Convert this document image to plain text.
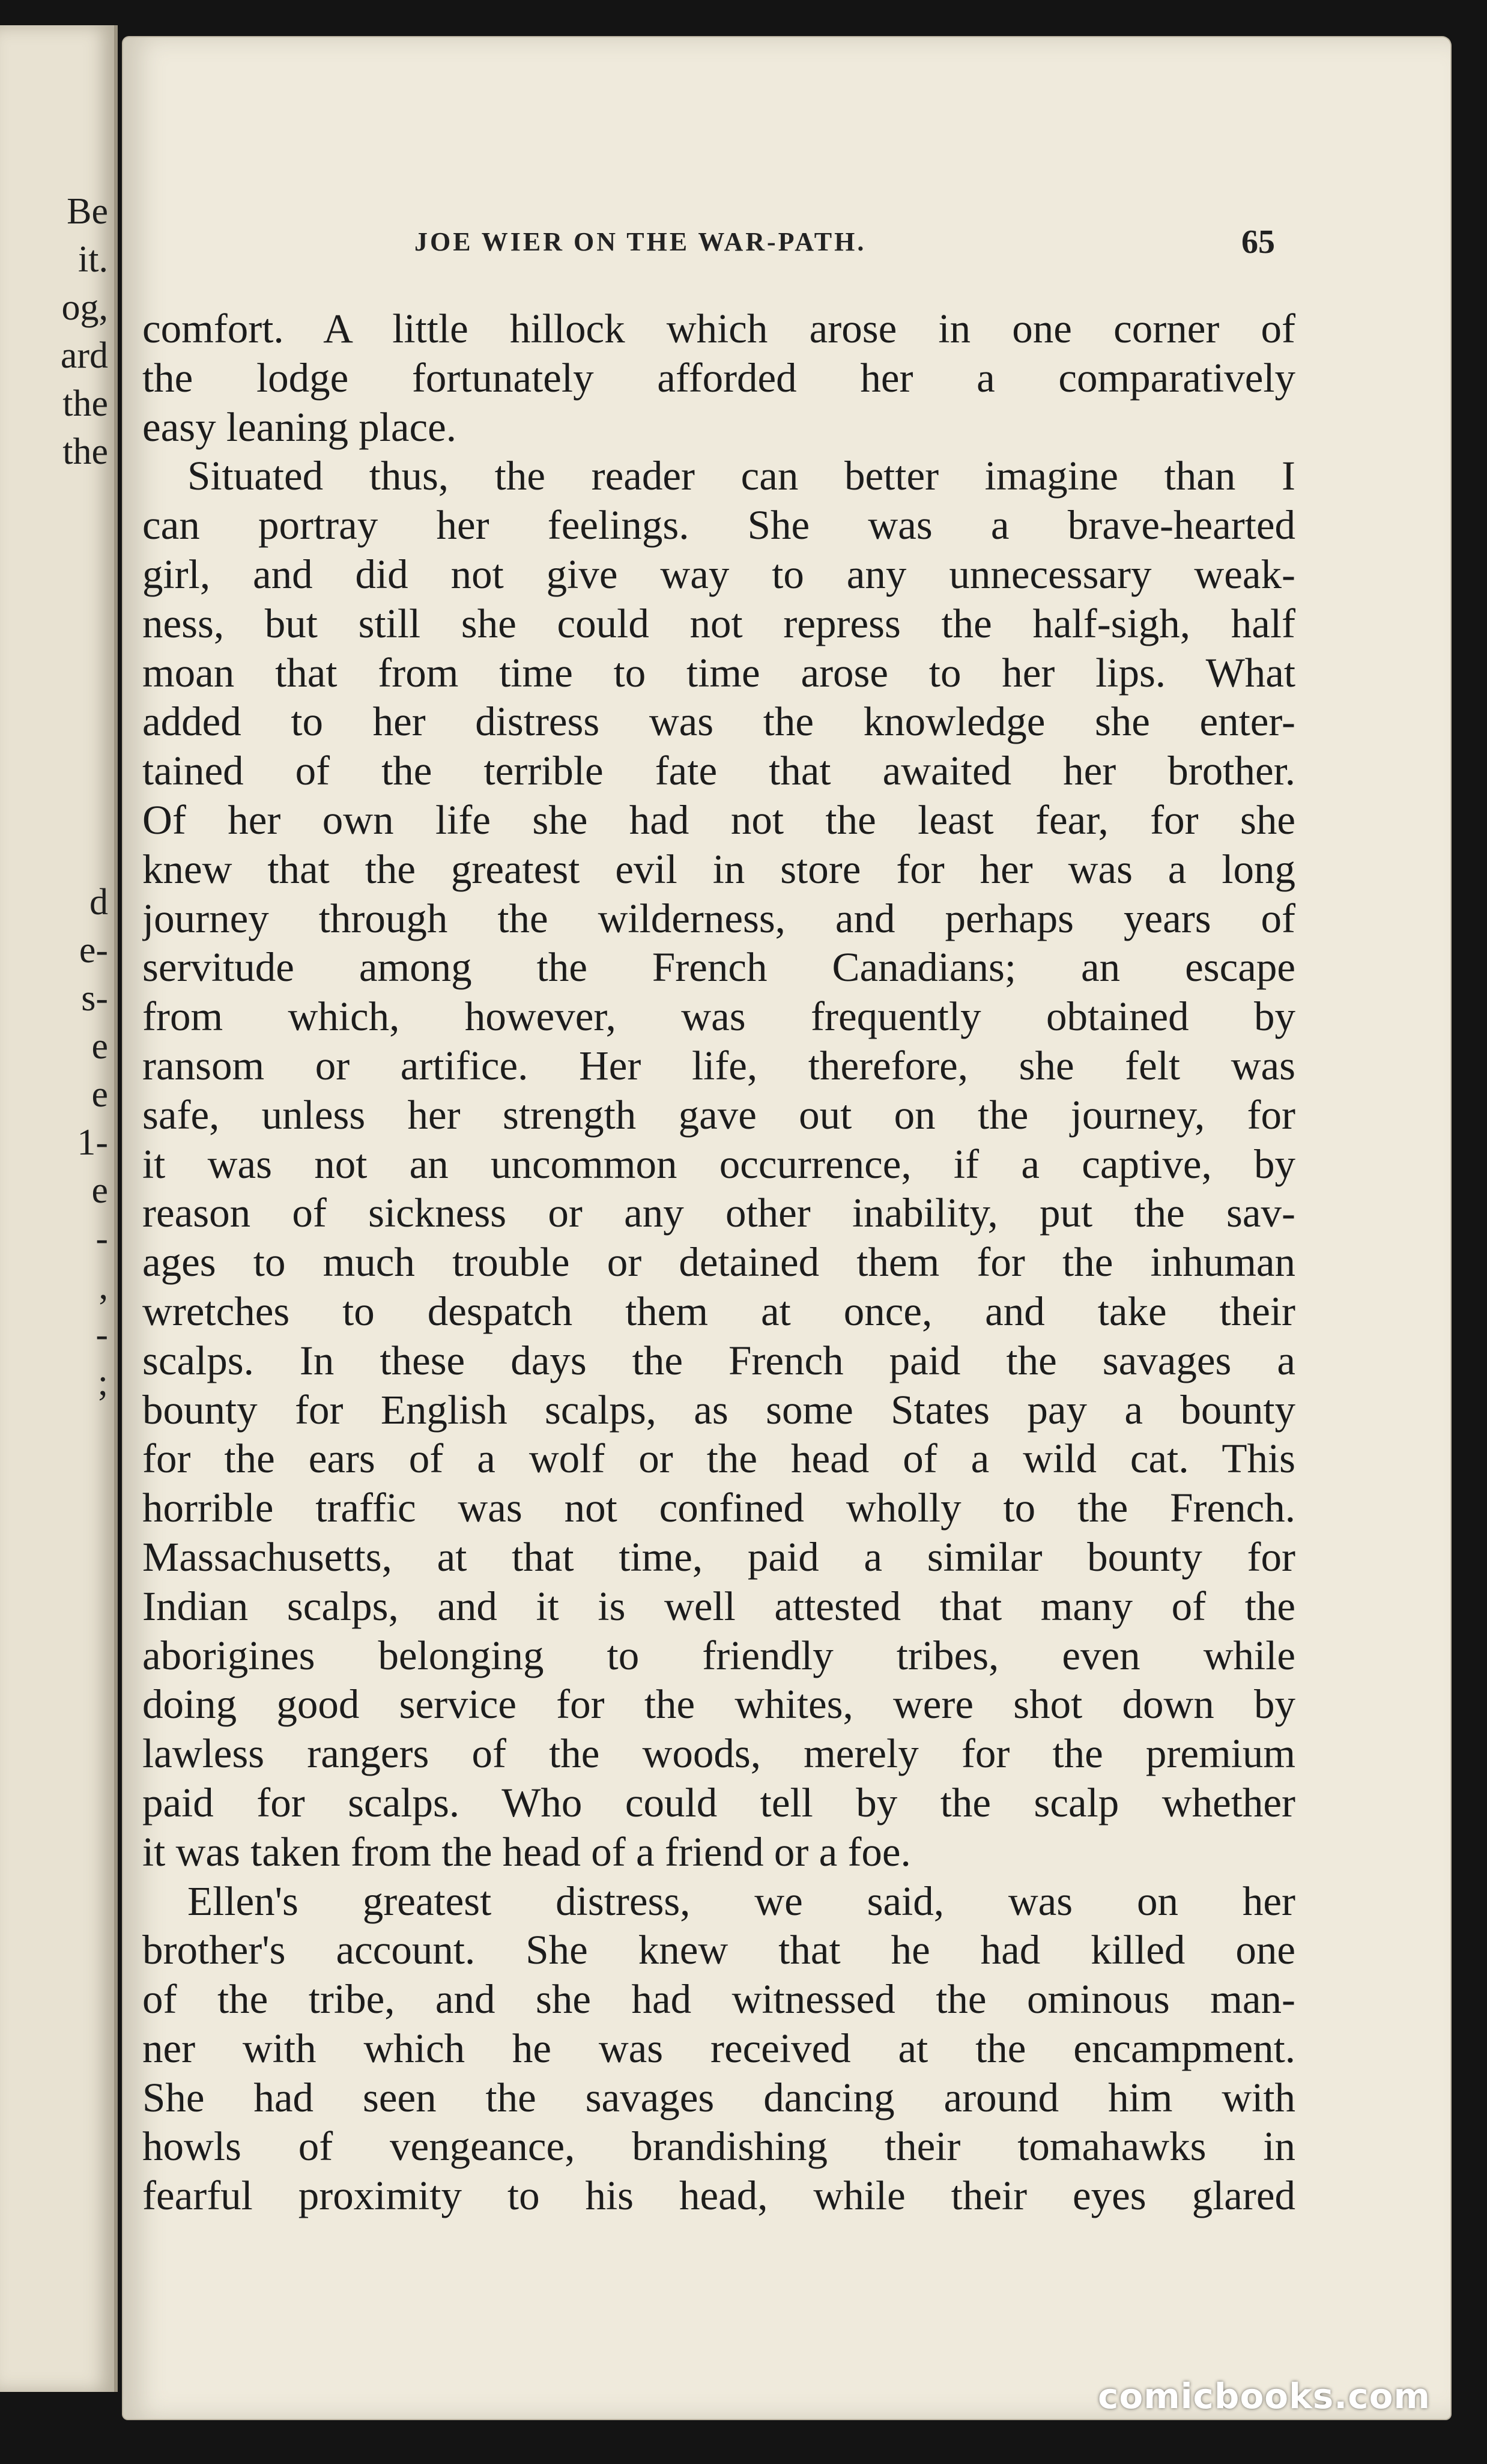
Be
it.
og,
ard
the
the
d
e-
s-
e
e
1-
e
-
,
-
;
JOE WIER ON THE WAR-PATH.	65
comfort. A little hillock which arose in one corner of
the lodge fortunately afforded her a comparatively
easy leaning place.
Situated thus, the reader can better imagine than I
can portray her feelings. She was a brave-hearted
girl, and did not give way to any unnecessary weak-
ness, but still she could not repress the half-sigh, half
moan that from time to time arose to her lips. What
added to her distress was the knowledge she enter-
tained of the terrible fate that awaited her brother.
Of her own life she had not the least fear, for she
knew that the greatest evil in store for her was a long
journey through the wilderness, and perhaps years of
servitude among the French Canadians; an escape
from which, however, was frequently obtained by
ransom or artifice. Her life, therefore, she felt was
safe, unless her strength gave out on the journey, for
it was not an uncommon occurrence, if a captive, by
reason of sickness or any other inability, put the sav-
ages to much trouble or detained them for the inhuman
wretches to despatch them at once, and take their
scalps. In these days the French paid the savages a
bounty for English scalps, as some States pay a bounty
for the ears of a wolf or the head of a wild cat. This
horrible traffic was not confined wholly to the French.
Massachusetts, at that time, paid a similar bounty for
Indian scalps, and it is well attested that many of the
aborigines belonging to friendly tribes, even while
doing good service for the whites, were shot down by
lawless rangers of the woods, merely for the premium
paid for scalps. Who could tell by the scalp whether
it was taken from the head of a friend or a foe.
Ellen's greatest distress, we said, was on her
brother's account. She knew that he had killed one
of the tribe, and she had witnessed the ominous man-
ner with which he was received at the encampment.
She had seen the savages dancing around him with
howls of vengeance, brandishing their tomahawks in
fearful proximity to his head, while their eyes glared
comicbooks.com
